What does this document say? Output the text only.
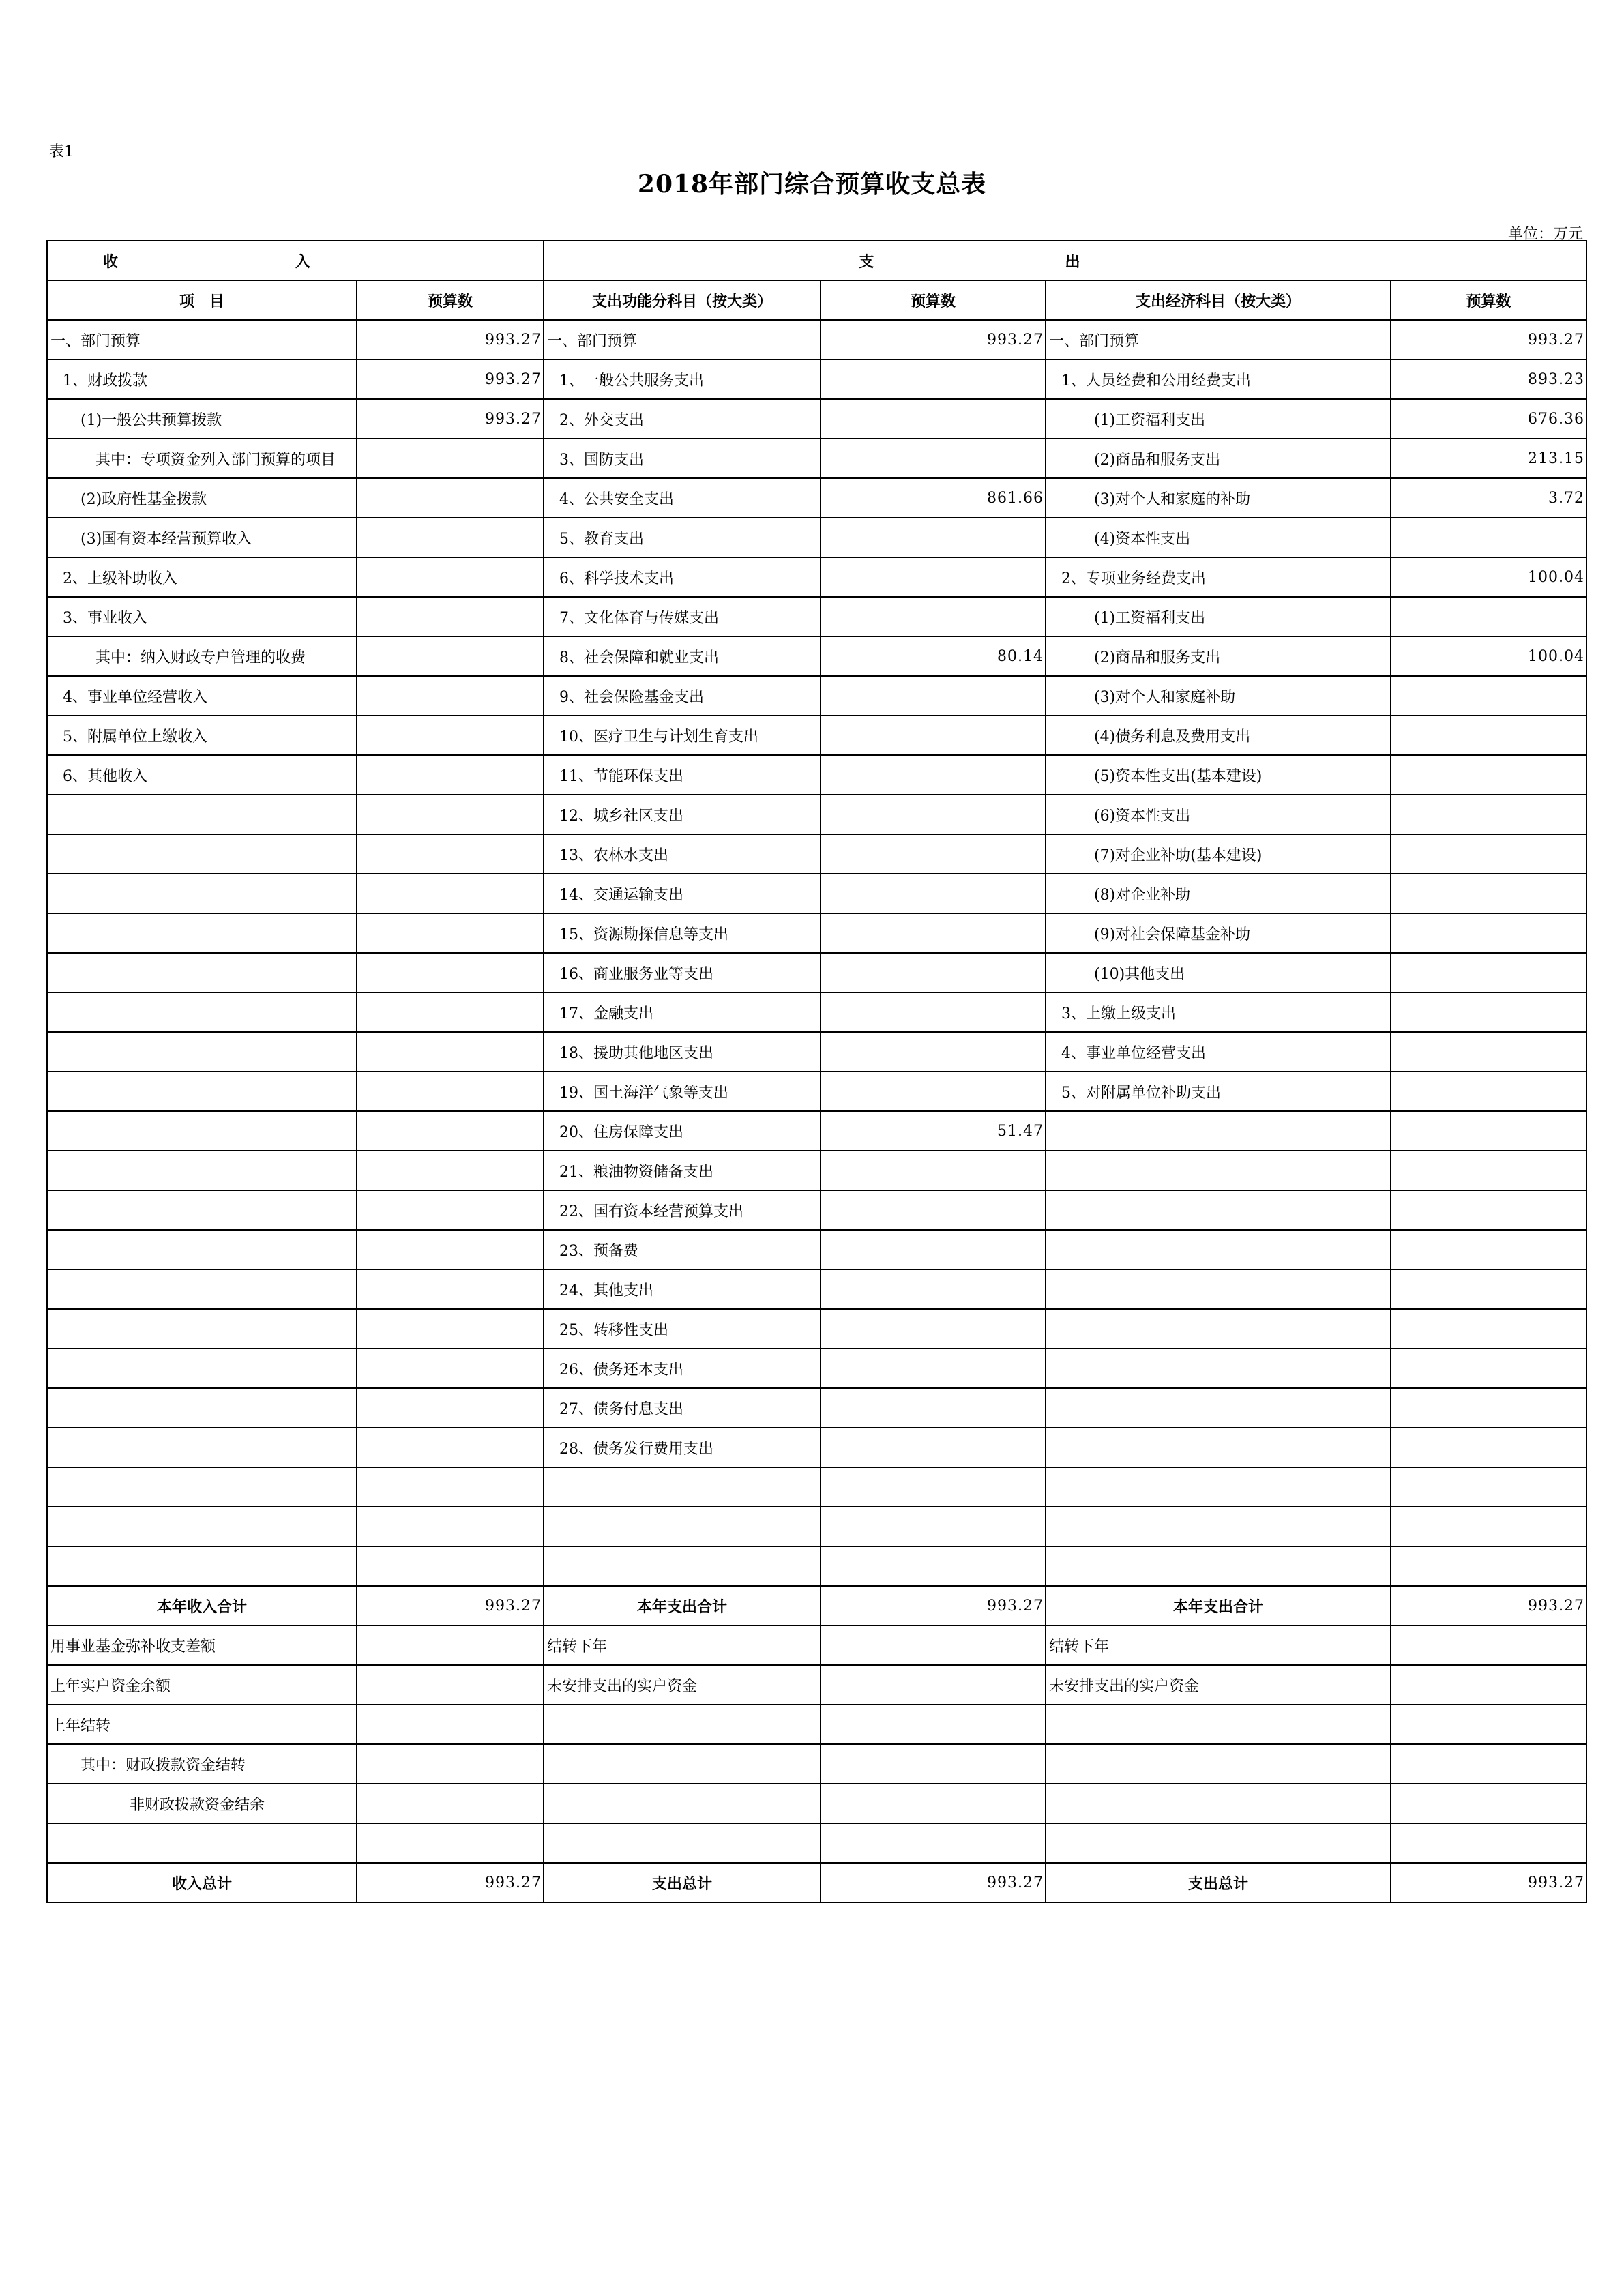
表1
2018年部门综合预算收支总表
单位：万元
收入		支出			
项　目	预算数	支出功能分科目（按大类）	预算数	支出经济科目（按大类）	预算数
一、部门预算	993.27	一、部门预算	993.27	一、部门预算	993.27
1、财政拨款	993.27	1、一般公共服务支出		1、人员经费和公用经费支出	893.23
(1)一般公共预算拨款	993.27	2、外交支出		(1)工资福利支出	676.36
其中：专项资金列入部门预算的项目		3、国防支出		(2)商品和服务支出	213.15
(2)政府性基金拨款		4、公共安全支出	861.66	(3)对个人和家庭的补助	3.72
(3)国有资本经营预算收入		5、教育支出		(4)资本性支出	
2、上级补助收入		6、科学技术支出		2、专项业务经费支出	100.04
3、事业收入		7、文化体育与传媒支出		(1)工资福利支出	
其中：纳入财政专户管理的收费		8、社会保障和就业支出	80.14	(2)商品和服务支出	100.04
4、事业单位经营收入		9、社会保险基金支出		(3)对个人和家庭补助	
5、附属单位上缴收入		10、医疗卫生与计划生育支出		(4)债务利息及费用支出	
6、其他收入		11、节能环保支出		(5)资本性支出(基本建设)	
		12、城乡社区支出		(6)资本性支出	
		13、农林水支出		(7)对企业补助(基本建设)	
		14、交通运输支出		(8)对企业补助	
		15、资源勘探信息等支出		(9)对社会保障基金补助	
		16、商业服务业等支出		(10)其他支出	
		17、金融支出		3、上缴上级支出	
		18、援助其他地区支出		4、事业单位经营支出	
		19、国土海洋气象等支出		5、对附属单位补助支出	
		20、住房保障支出	51.47		
		21、粮油物资储备支出			
		22、国有资本经营预算支出			
		23、预备费			
		24、其他支出			
		25、转移性支出			
		26、债务还本支出			
		27、债务付息支出			
		28、债务发行费用支出			

本年收入合计	993.27	本年支出合计	993.27	本年支出合计	993.27
用事业基金弥补收支差额		结转下年		结转下年	
上年实户资金余额		未安排支出的实户资金		未安排支出的实户资金	
上年结转					
其中：财政拨款资金结转					
非财政拨款资金结余					

收入总计	993.27	支出总计	993.27	支出总计	993.27
